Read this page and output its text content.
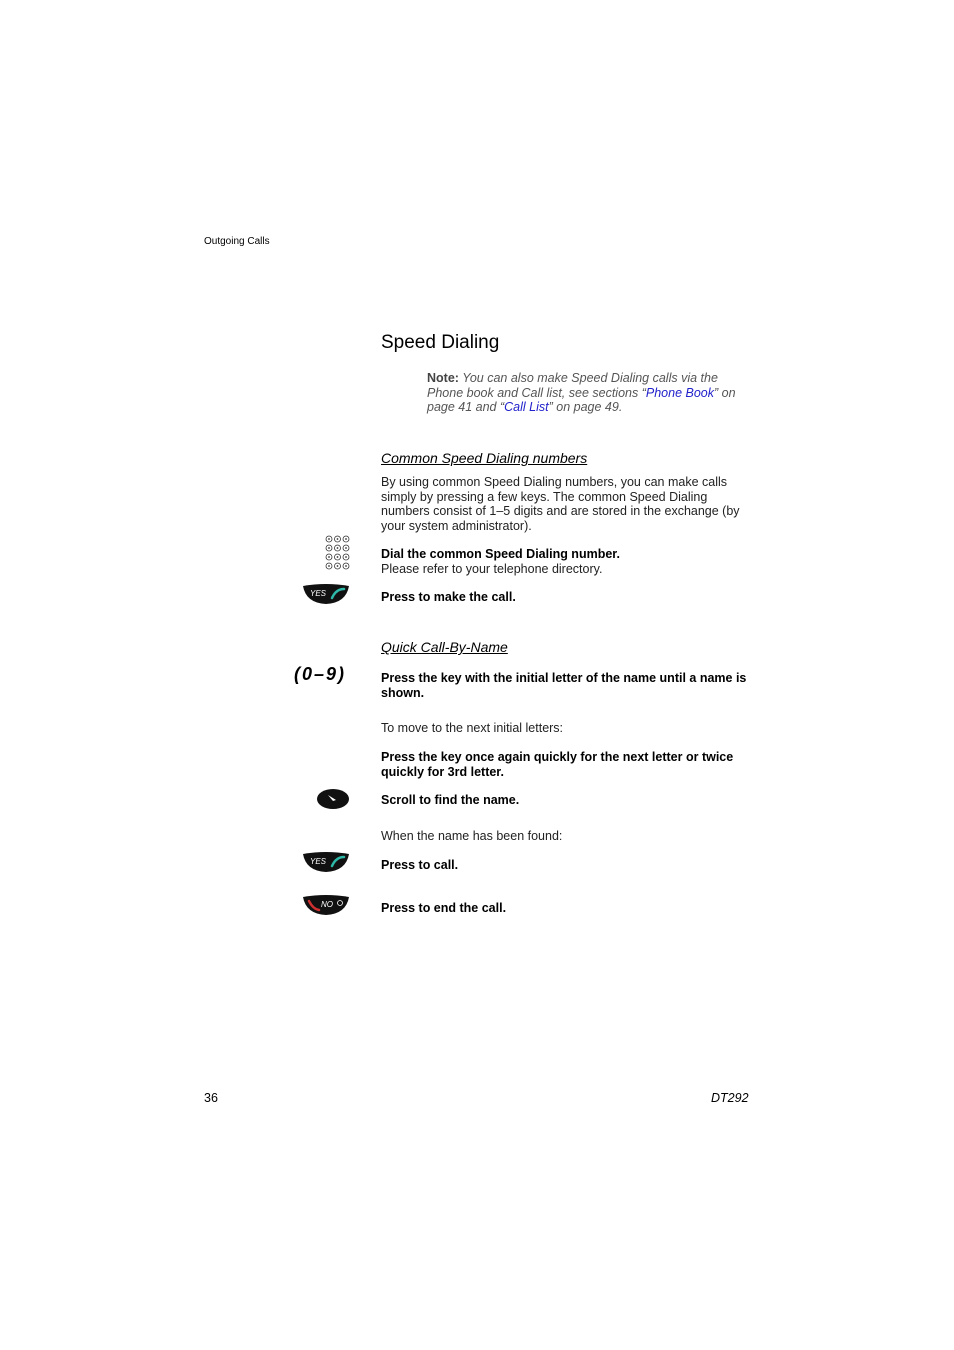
Outgoing Calls
Speed Dialing
Note: You can also make Speed Dialing calls via the Phone book and Call list, see sections “Phone Book” on page 41 and “Call List” on page 49.
Common Speed Dialing numbers
By using common Speed Dialing numbers, you can make calls simply by pressing a few keys. The common Speed Dialing numbers consist of 1–5 digits and are stored in the exchange (by your system administrator).
Dial the common Speed Dialing number.
Please refer to your telephone directory.
YES	Press to make the call.
Quick Call-By-Name
(0–9)	Press the key with the initial letter of the name until a name is shown.
To move to the next initial letters:
Press the key once again quickly for the next letter or twice quickly for 3rd letter.
Scroll to find the name.
When the name has been found:
YES	Press to call.
NO	Press to end the call.
36	DT292
